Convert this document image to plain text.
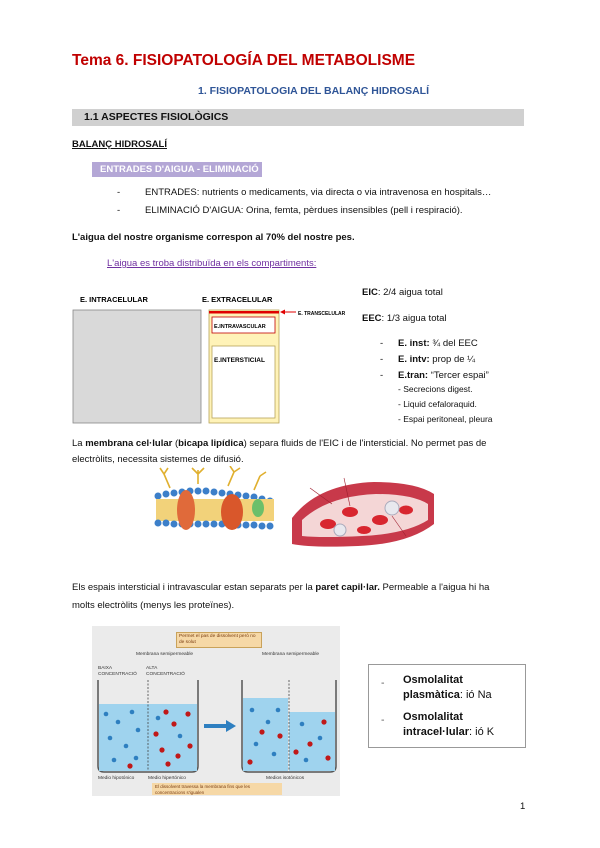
Tema 6. FISIOPATOLOGÍA DEL METABOLISME
1. FISIOPATOLOGIA DEL BALANÇ HIDROSALÍ
1.1 ASPECTES FISIOLÒGICS
BALANÇ HIDROSALÍ
ENTRADES D'AIGUA - ELIMINACIÓ
-	ENTRADES: nutrients o medicaments, via directa o via intravenosa en hospitals…
-	ELIMINACIÓ D'AIGUA: Orina, femta, pèrdues insensibles (pell i respiració).
L'aigua del nostre organisme correspon al 70% del nostre pes.
L'aigua es troba distribuïda en els compartiments:
E. INTRACELULAR	E. EXTRACELULAR
E. TRANSCELULAR
E.INTRAVASCULAR
E.INTERSTICIAL
EIC: 2/4 aigua total
EEC: 1/3 aigua total
- E. inst: ¾ del EEC
- E. intv: prop de ¼
- E.tran: “Tercer espai”
- Secrecions digest.
- Liquid cefaloraquid.
- Espai peritoneal, pleura
La membrana cel·lular (bicapa lipídica) separa fluids de l'EIC i de l'intersticial. No permet pas de
electròlits, necessita sistemes de difusió.
Els espais intersticial i intravascular estan separats per la paret capil·lar. Permeable a l'aigua hi ha
molts electròlits (menys les proteïnes).
Permet el pas de dissolvent però no de solut
Membrana semipermeable	Membrana semipermeable
BAIXA CONCENTRACIÓ
ALTA CONCENTRACIÓ
Medio hipotónico	Medio hipertónico	Medios isotónicos
El dissolvent travessa la membrana fins que les concentracions s'igualen
- Osmolalitat
plasmàtica: ió Na
- Osmolalitat
intracel·lular: ió K
1
